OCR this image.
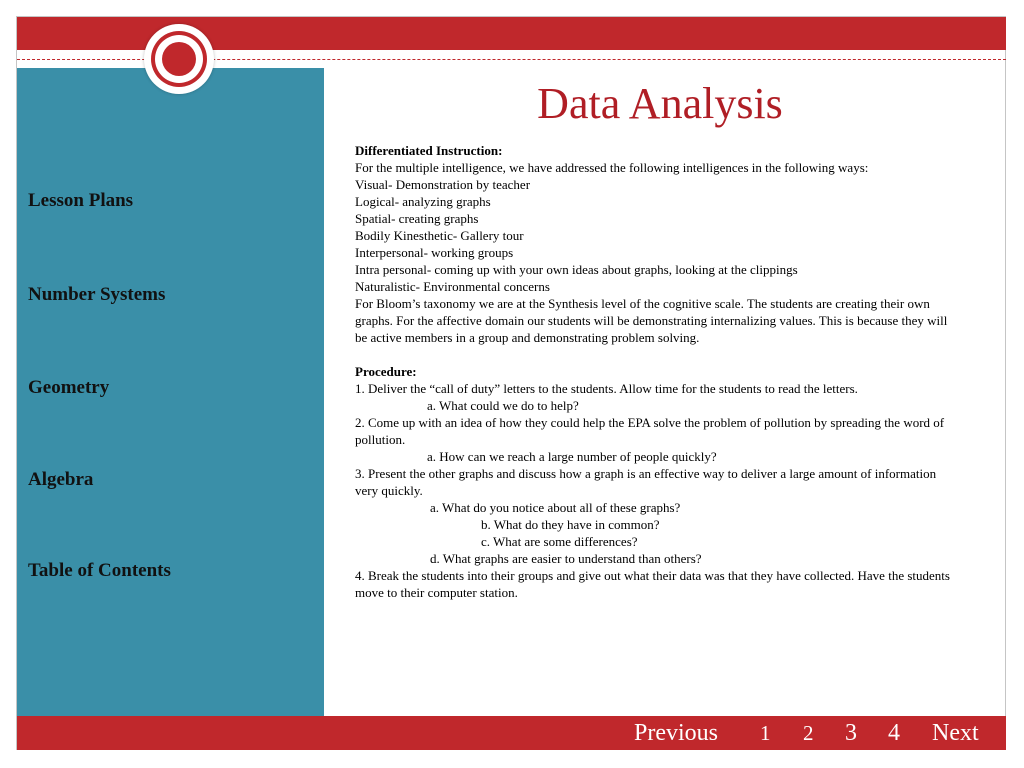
Lesson Plans
Number Systems
Geometry
Algebra
Table of Contents
Data Analysis

Differentiated Instruction:

For the multiple intelligence, we have addressed the following intelligences in the following ways:

Visual- Demonstration by teacher

Logical- analyzing graphs

Spatial- creating graphs

Bodily Kinesthetic- Gallery tour

Interpersonal- working groups

Intra personal- coming up with your own ideas about graphs, looking at the clippings

Naturalistic- Environmental concerns

For Bloom’s taxonomy we are at the Synthesis level of the cognitive scale. The students are creating their own graphs. For the affective domain our students will be demonstrating internalizing values. This is because they will be active members in a group and demonstrating problem solving.

Procedure:

1. Deliver the “call of duty” letters to the students. Allow time for the students to read the letters.

a. What could we do to help?

2. Come up with an idea of how they could help the EPA solve the problem of pollution by spreading the word of pollution.

a. How can we reach a large number of people quickly?

3. Present the other graphs and discuss how a graph is an effective way to deliver a large amount of information very quickly.

a. What do you notice about all of these graphs?

b. What do they have in common?

c. What are some differences?

d. What graphs are easier to understand than others?

4. Break the students into their groups and give out what their data was that they have collected. Have the students move to their computer station.

Previous 1 2 3 4 Next
